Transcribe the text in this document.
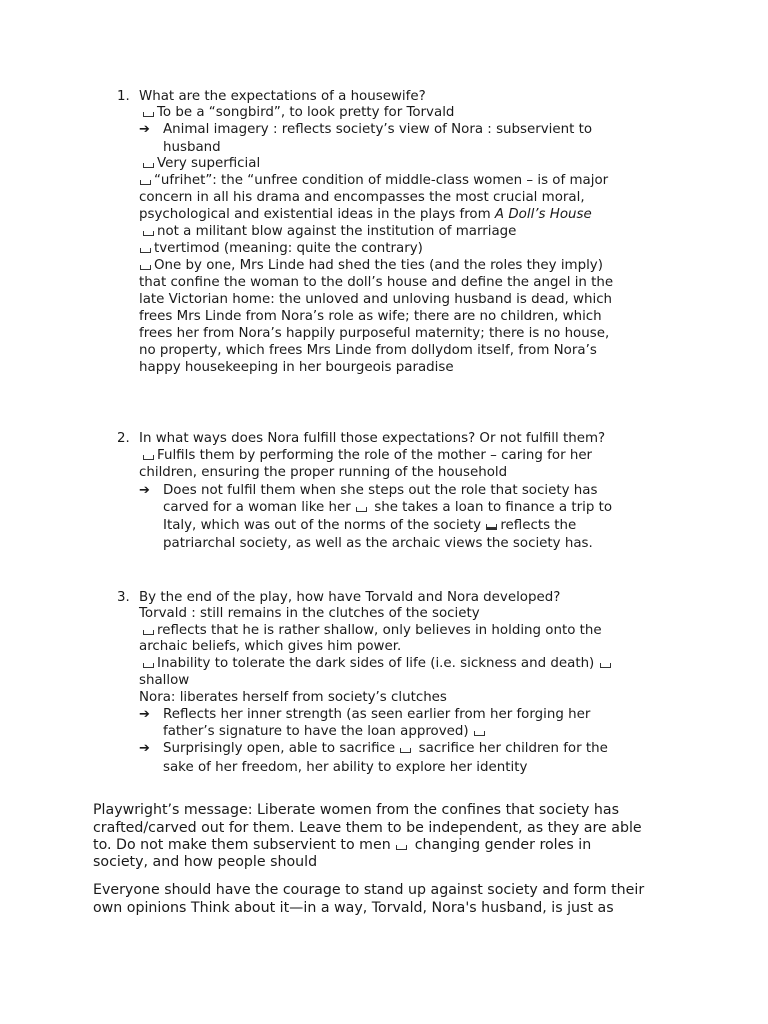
1. What are the expectations of a housewife?
To be a “songbird”, to look pretty for Torvald
➔ Animal imagery : reflects society’s view of Nora : subservient to
husband
Very superficial
“ufrihet”: the “unfree condition of middle-class women – is of major
concern in all his drama and encompasses the most crucial moral,
psychological and existential ideas in the plays from A Doll’s House
not a militant blow against the institution of marriage
tvertimod (meaning: quite the contrary)
One by one, Mrs Linde had shed the ties (and the roles they imply)
that confine the woman to the doll’s house and define the angel in the
late Victorian home: the unloved and unloving husband is dead, which
frees Mrs Linde from Nora’s role as wife; there are no children, which
frees her from Nora’s happily purposeful maternity; there is no house,
no property, which frees Mrs Linde from dollydom itself, from Nora’s
happy housekeeping in her bourgeois paradise
2. In what ways does Nora fulfill those expectations? Or not fulfill them?
Fulfils them by performing the role of the mother – caring for her
children, ensuring the proper running of the household
➔ Does not fulfil them when she steps out the role that society has
carved for a woman like her  she takes a loan to finance a trip to
Italy, which was out of the norms of the society reflects the
patriarchal society, as well as the archaic views the society has.
3. By the end of the play, how have Torvald and Nora developed?
Torvald : still remains in the clutches of the society
reflects that he is rather shallow, only believes in holding onto the
archaic beliefs, which gives him power.
Inability to tolerate the dark sides of life (i.e. sickness and death)
shallow
Nora: liberates herself from society’s clutches
➔ Reflects her inner strength (as seen earlier from her forging her
father’s signature to have the loan approved)
➔ Surprisingly open, able to sacrifice  sacrifice her children for the
sake of her freedom, her ability to explore her identity
Playwright’s message: Liberate women from the confines that society has
crafted/carved out for them. Leave them to be independent, as they are able
to. Do not make them subservient to men  changing gender roles in
society, and how people should
Everyone should have the courage to stand up against society and form their
own opinions Think about it—in a way, Torvald, Nora's husband, is just as
